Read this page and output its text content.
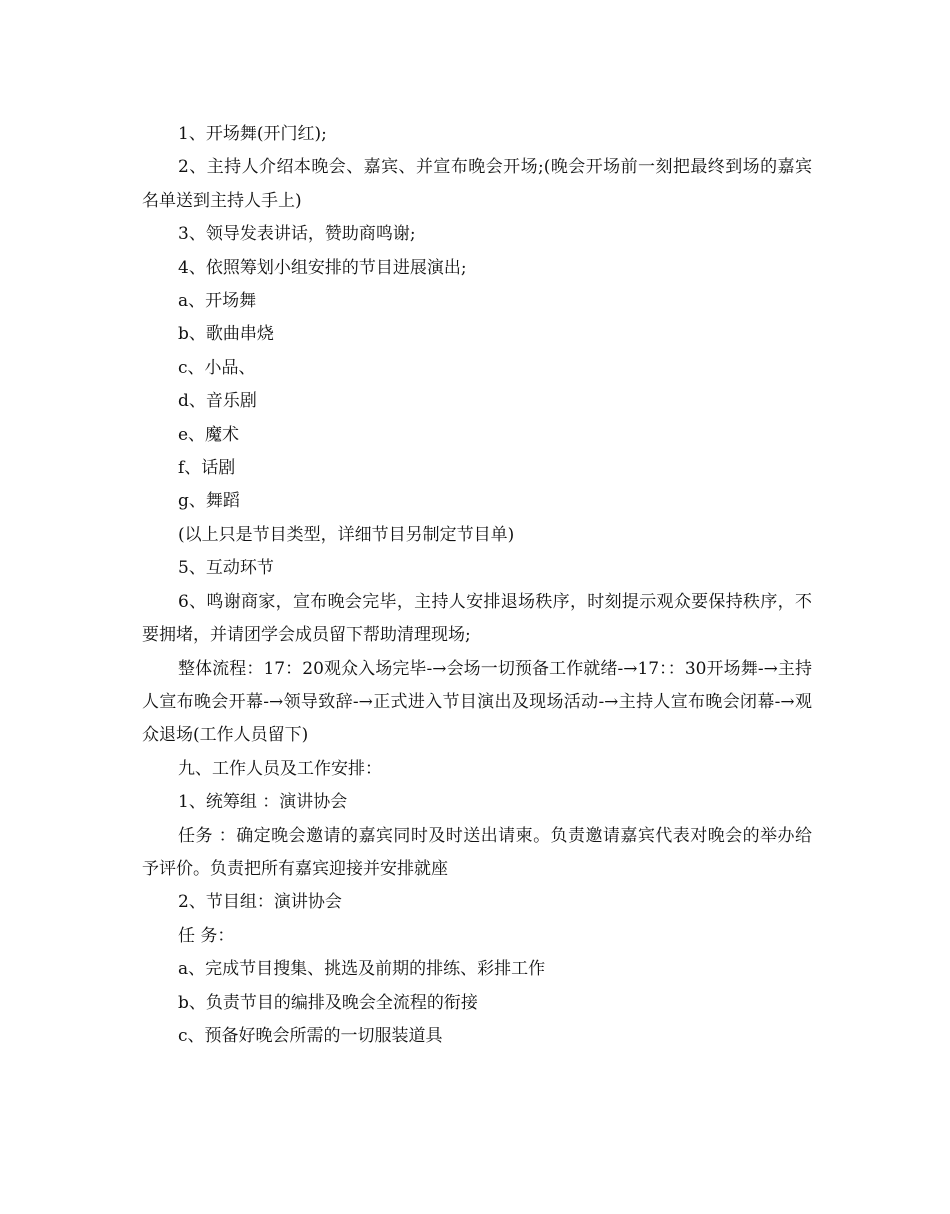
1、开场舞(开门红);

2、主持人介绍本晚会、嘉宾、并宣布晚会开场;(晚会开场前一刻把最终到场的嘉宾名单送到主持人手上)

3、领导发表讲话，赞助商鸣谢;

4、依照筹划小组安排的节目进展演出;

a、开场舞

b、歌曲串烧

c、小品、

d、音乐剧

e、魔术

f、话剧

g、舞蹈

(以上只是节目类型，详细节目另制定节目单)

5、互动环节

6、鸣谢商家，宣布晚会完毕，主持人安排退场秩序，时刻提示观众要保持秩序，不要拥堵，并请团学会成员留下帮助清理现场;

整体流程：17：20观众入场完毕-→会场一切预备工作就绪-→17：：30开场舞-→主持人宣布晚会开幕-→领导致辞-→正式进入节目演出及现场活动-→主持人宣布晚会闭幕-→观众退场(工作人员留下)

九、工作人员及工作安排：

1、统筹组 ：演讲协会

任务 ：确定晚会邀请的嘉宾同时及时送出请柬。负责邀请嘉宾代表对晚会的举办给予评价。负责把所有嘉宾迎接并安排就座

2、节目组：演讲协会

任 务：

a、完成节目搜集、挑选及前期的排练、彩排工作

b、负责节目的编排及晚会全流程的衔接

c、预备好晚会所需的一切服装道具
